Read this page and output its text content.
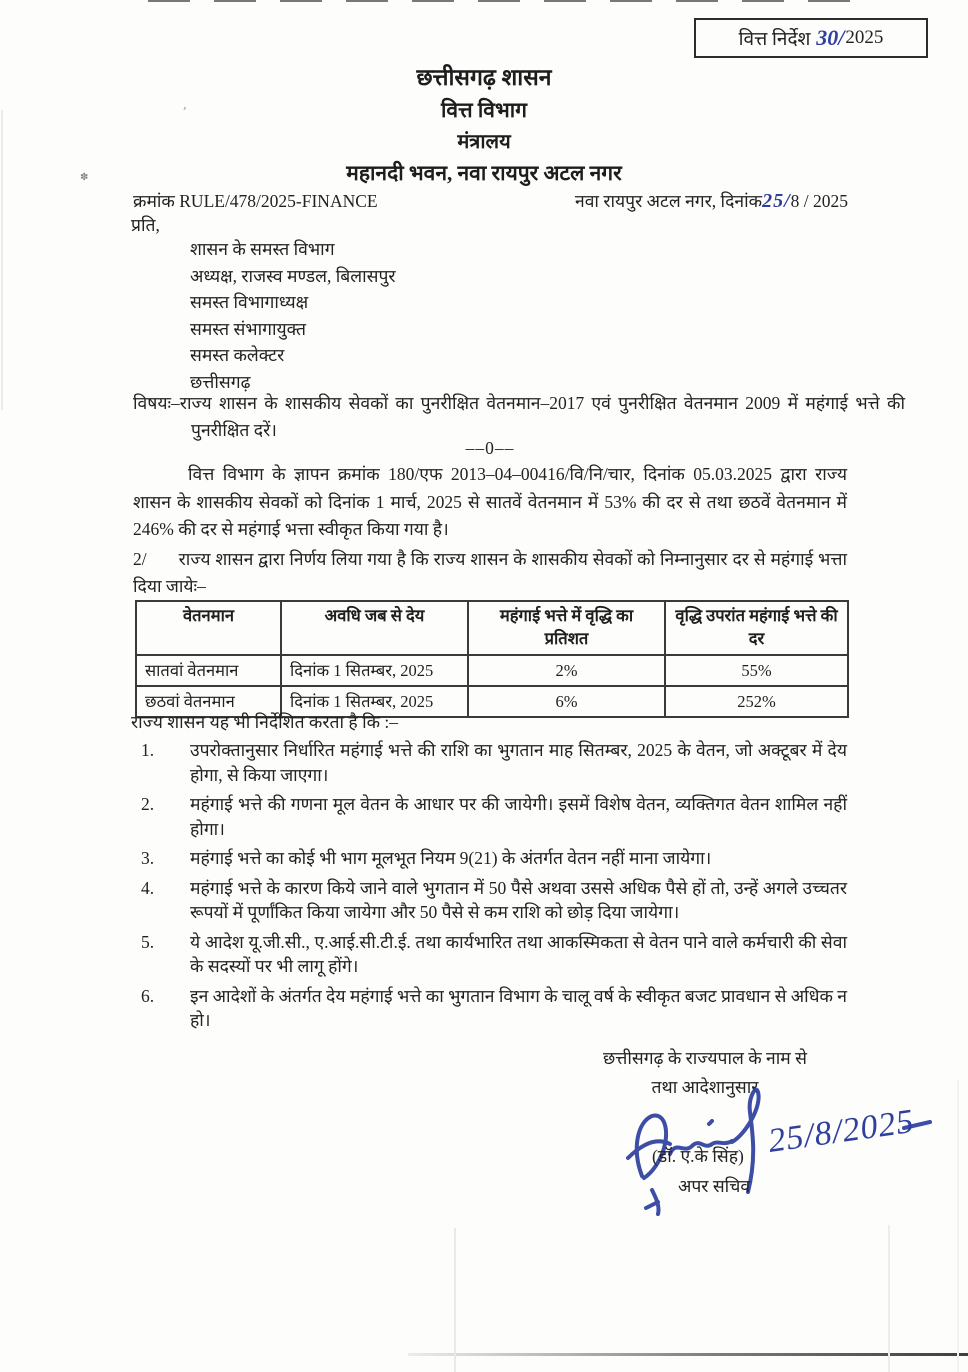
’
✽
वित्त निर्देश
30/ 2025
छत्तीसगढ़ शासन
वित्त विभाग
मंत्रालय
महानदी भवन, नवा रायपुर अटल नगर
क्रमांक RULE/478/2025-FINANCE	नवा रायपुर अटल नगर, दिनांक25/8 / 2025
प्रति,
शासन के समस्त विभाग
अध्यक्ष, राजस्व मण्डल, बिलासपुर
समस्त विभागाध्यक्ष
समस्त संभागायुक्त
समस्त कलेक्टर
छत्तीसगढ़
विषयः–राज्य शासन के शासकीय सेवकों का पुनरीक्षित वेतनमान–2017 एवं पुनरीक्षित वेतनमान 2009 में महंगाई भत्ते की पुनरीक्षित दरें।
––0––

वित्त विभाग के ज्ञापन क्रमांक 180/एफ 2013–04–00416/वि/नि/चार, दिनांक 05.03.2025 द्वारा राज्य शासन के शासकीय सेवकों को दिनांक 1 मार्च, 2025 से सातवें वेतनमान में 53% की दर से तथा छठवें वेतनमान में 246% की दर से महंगाई भत्ता स्वीकृत किया गया है।

2/ राज्य शासन द्वारा निर्णय लिया गया है कि राज्य शासन के शासकीय सेवकों को निम्नानुसार दर से महंगाई भत्ता दिया जायेः–

वेतनमान	अवधि जब से देय	महंगाई भत्ते में वृद्धि का प्रतिशत	वृद्धि उपरांत महंगाई भत्ते की दर
सातवां वेतनमान	दिनांक 1 सितम्बर, 2025	2%	55%
छठवां वेतनमान	दिनांक 1 सितम्बर, 2025	6%	252%
राज्य शासन यह भी निर्देशित करता है कि :–
1. उपरोक्तानुसार निर्धारित महंगाई भत्ते की राशि का भुगतान माह सितम्बर, 2025 के वेतन, जो अक्टूबर में देय होगा, से किया जाएगा।
2. महंगाई भत्ते की गणना मूल वेतन के आधार पर की जायेगी। इसमें विशेष वेतन, व्यक्तिगत वेतन शामिल नहीं होगा।
3. महंगाई भत्ते का कोई भी भाग मूलभूत नियम 9(21) के अंतर्गत वेतन नहीं माना जायेगा।
4. महंगाई भत्ते के कारण किये जाने वाले भुगतान में 50 पैसे अथवा उससे अधिक पैसे हों तो, उन्हें अगले उच्चतर रूपयों में पूर्णांकित किया जायेगा और 50 पैसे से कम राशि को छोड़ दिया जायेगा।
5. ये आदेश यू.जी.सी., ए.आई.सी.टी.ई. तथा कार्यभारित तथा आकस्मिकता से वेतन पाने वाले कर्मचारी की सेवा के सदस्यों पर भी लागू होंगे।
6. इन आदेशों के अंतर्गत देय महंगाई भत्ते का भुगतान विभाग के चालू वर्ष के स्वीकृत बजट प्रावधान से अधिक न हो।
छत्तीसगढ़ के राज्यपाल के नाम से
तथा आदेशानुसार
25/8/2025
(डॉ. ए.के सिंह)
अपर सचिव
